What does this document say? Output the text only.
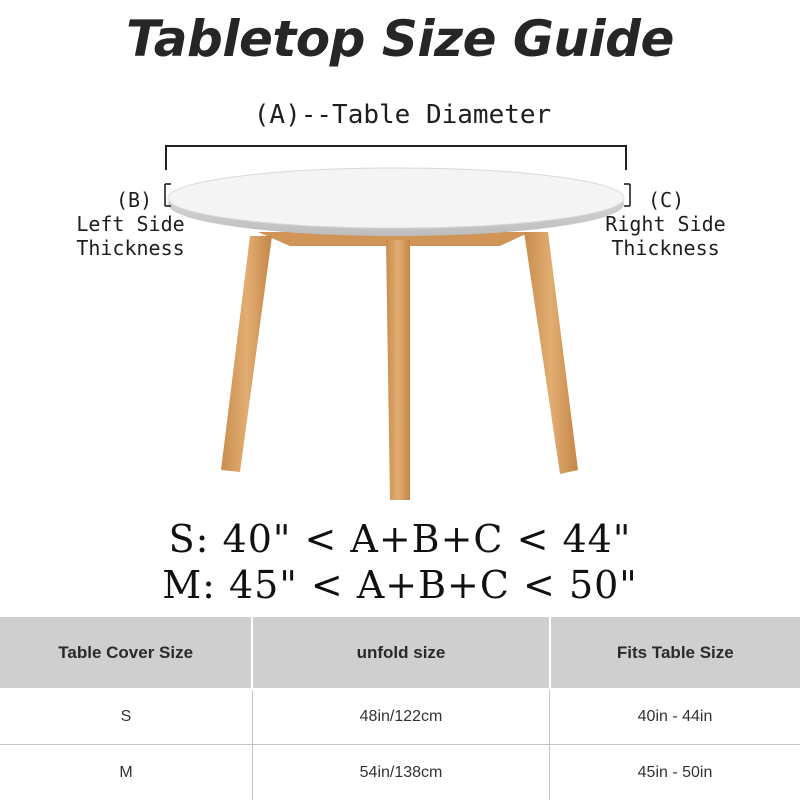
Tabletop Size Guide
(A)--Table Diameter
(B)
Left Side
Thickness
(C)
Right Side
Thickness
S: 40" < A+B+C < 44"
M: 45" < A+B+C < 50"
Table Cover Size	unfold size	Fits Table Size
S	48in/122cm	40in - 44in
M	54in/138cm	45in - 50in
